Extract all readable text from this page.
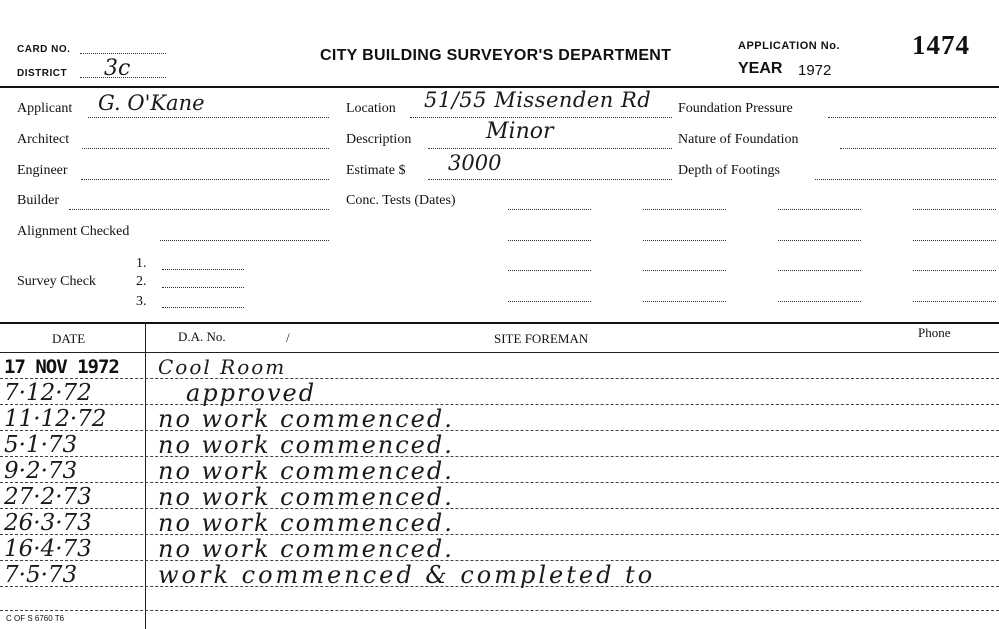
CARD NO.
DISTRICT 3c
CITY BUILDING SURVEYOR'S DEPARTMENT
APPLICATION No.	1474
YEAR 1972
Applicant G. O'Kane
Architect
Engineer
Builder
Alignment Checked
Survey Check
1.
2.
3.
Location 51/55 Missenden Rd
Description	Minor
Estimate $ 3000
Conc. Tests (Dates)
Foundation Pressure
Nature of Foundation
Depth of Footings
DATE	D.A. No.	/	SITE FOREMAN	Phone
17 NOV 1972	Cool Room
7·12·72	approved
11·12·72	no work commenced.
5·1·73	no work commenced.
9·2·73	no work commenced.
27·2·73	no work commenced.
26·3·73	no work commenced.
16·4·73	no work commenced.
7·5·73	work commenced & completed to
C OF S 6760 T6
